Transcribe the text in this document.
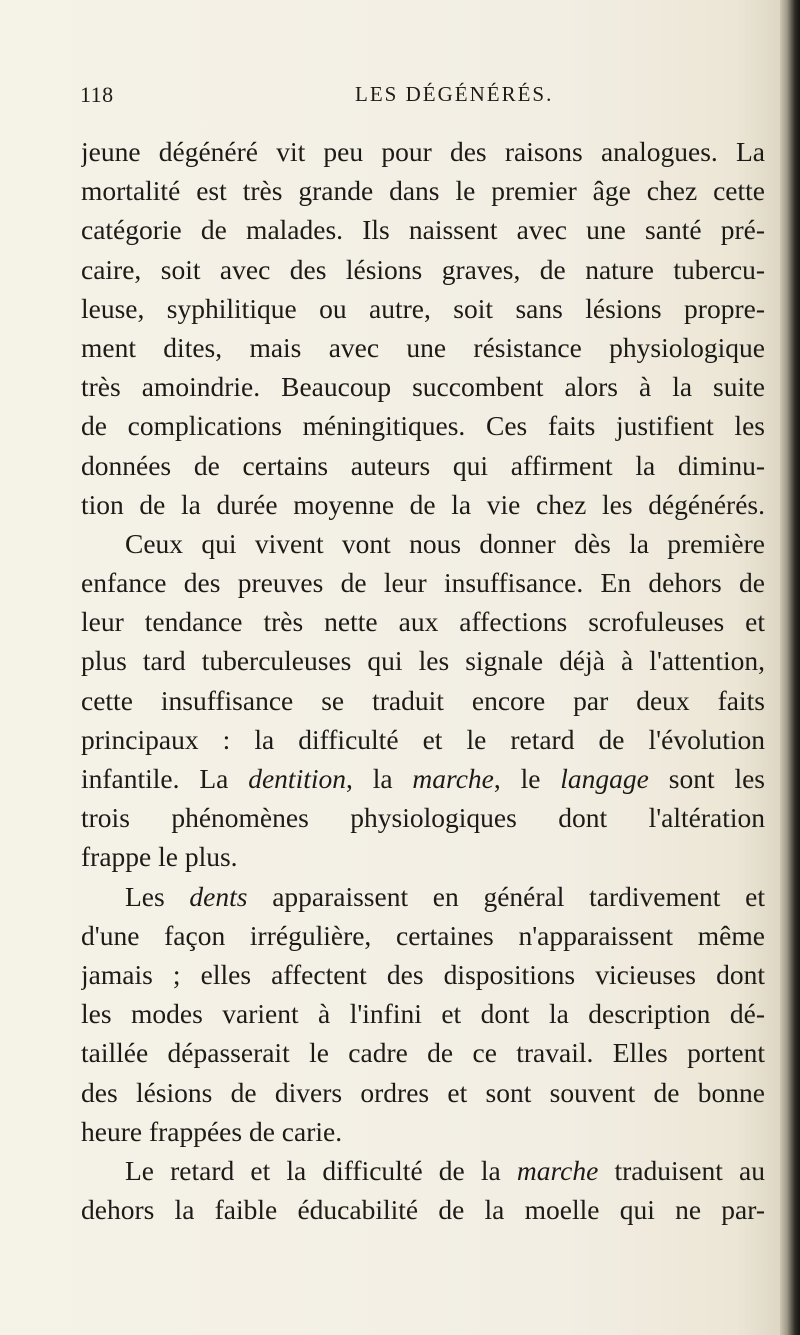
118	LES DÉGÉNÉRÉS.
jeune dégénéré vit peu pour des raisons analogues. La
mortalité est très grande dans le premier âge chez cette
catégorie de malades. Ils naissent avec une santé pré-
caire, soit avec des lésions graves, de nature tubercu-
leuse, syphilitique ou autre, soit sans lésions propre-
ment dites, mais avec une résistance physiologique
très amoindrie. Beaucoup succombent alors à la suite
de complications méningitiques. Ces faits justifient les
données de certains auteurs qui affirment la diminu-
tion de la durée moyenne de la vie chez les dégénérés.
Ceux qui vivent vont nous donner dès la première
enfance des preuves de leur insuffisance. En dehors de
leur tendance très nette aux affections scrofuleuses et
plus tard tuberculeuses qui les signale déjà à l'attention,
cette insuffisance se traduit encore par deux faits
principaux : la difficulté et le retard de l'évolution
infantile. La dentition, la marche, le langage sont les
trois phénomènes physiologiques dont l'altération
frappe le plus.
Les dents apparaissent en général tardivement et
d'une façon irrégulière, certaines n'apparaissent même
jamais ; elles affectent des dispositions vicieuses dont
les modes varient à l'infini et dont la description dé-
taillée dépasserait le cadre de ce travail. Elles portent
des lésions de divers ordres et sont souvent de bonne
heure frappées de carie.
Le retard et la difficulté de la marche traduisent au
dehors la faible éducabilité de la moelle qui ne par-
